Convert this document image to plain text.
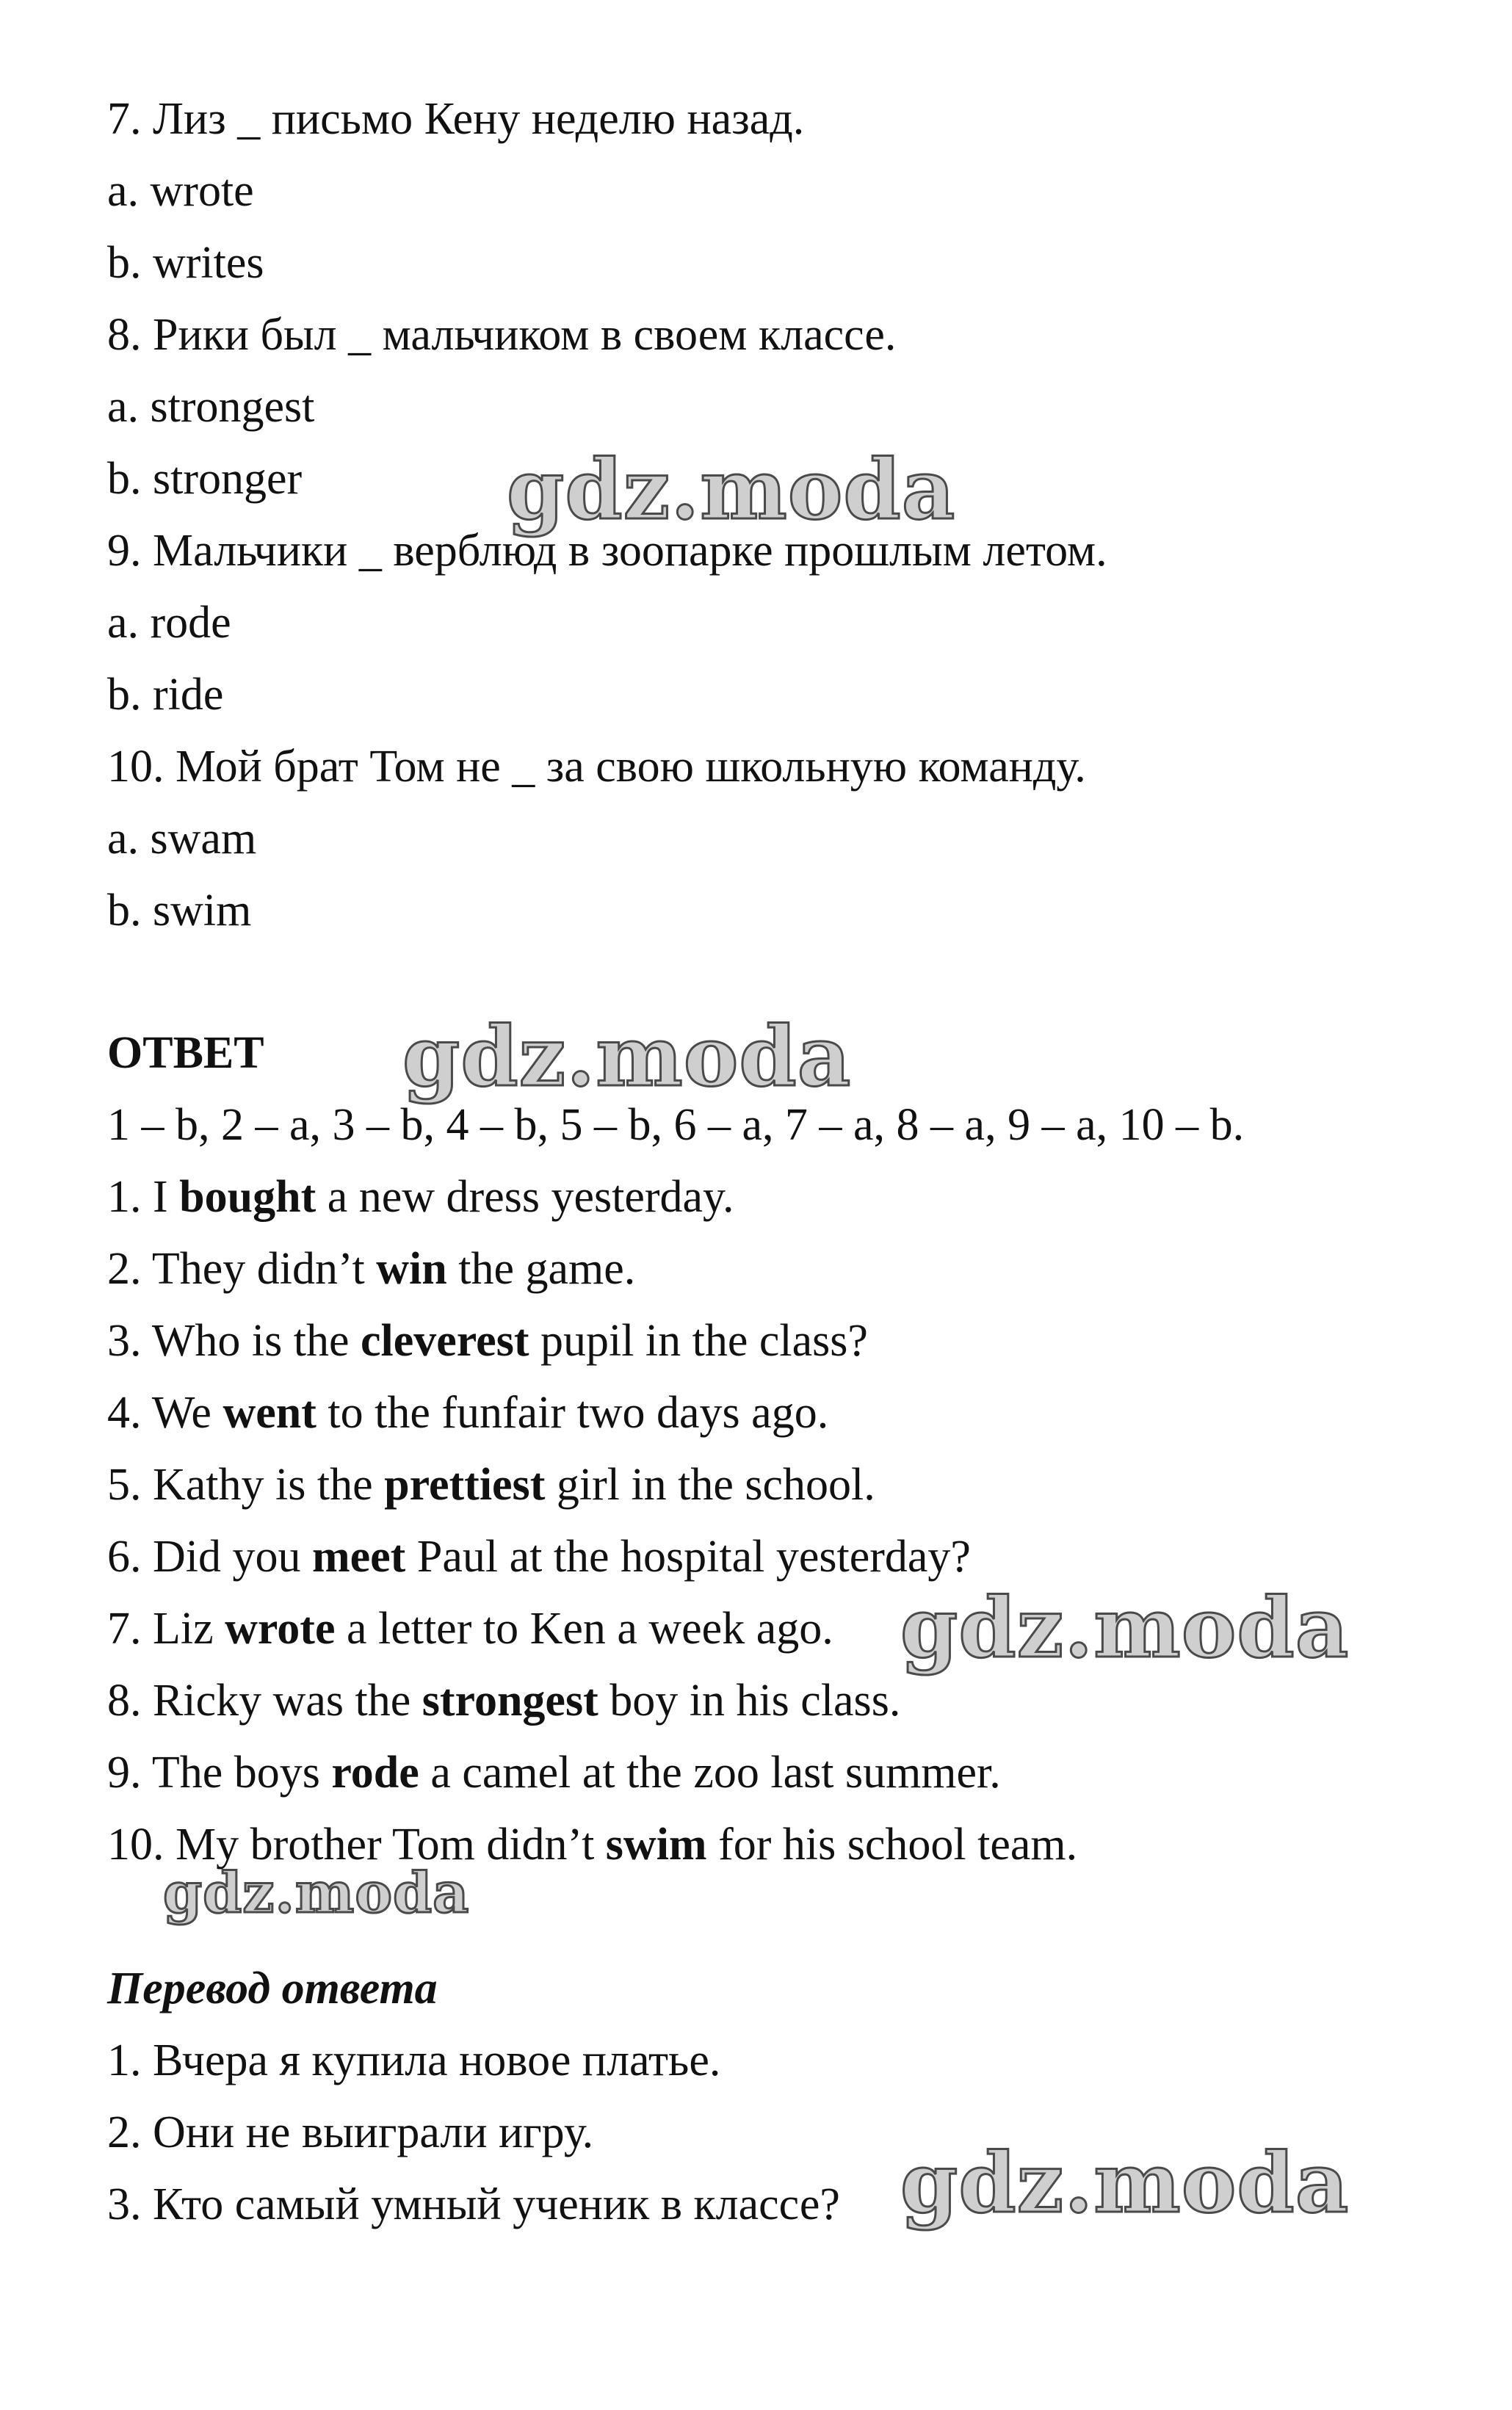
7. Лиз _ письмо Кену неделю назад.

a. wrote

b. writes

8. Рики был _ мальчиком в своем классе.

a. strongest

b. stronger

9. Мальчики _ верблюд в зоопарке прошлым летом.

a. rode

b. ride

10. Мой брат Том не _ за свою школьную команду.

a. swam

b. swim

ОТВЕТ

1 – b, 2 – a, 3 – b, 4 – b, 5 – b, 6 – a, 7 – a, 8 – a, 9 – a, 10 – b.

1. I bought a new dress yesterday.

2. They didn’t win the game.

3. Who is the cleverest pupil in the class?

4. We went to the funfair two days ago.

5. Kathy is the prettiest girl in the school.

6. Did you meet Paul at the hospital yesterday?

7. Liz wrote a letter to Ken a week ago.

8. Ricky was the strongest boy in his class.

9. The boys rode a camel at the zoo last summer.

10. My brother Tom didn’t swim for his school team.

Перевод ответа

1. Вчера я купила новое платье.

2. Они не выиграли игру.

3. Кто самый умный ученик в классе?

gdz.moda
gdz.moda
gdz.moda
gdz.moda
gdz.moda
